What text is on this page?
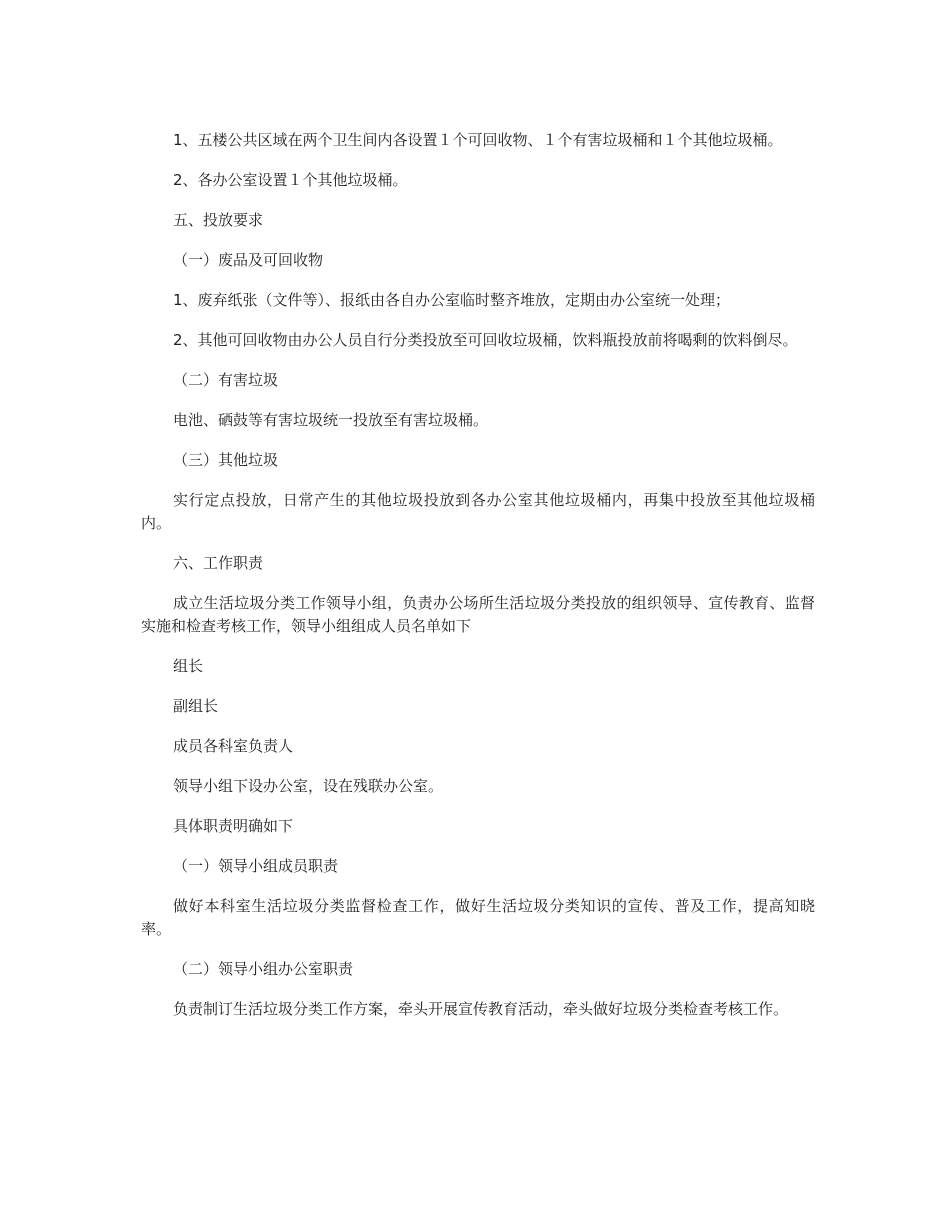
1、五楼公共区域在两个卫生间内各设置１个可回收物、１个有害垃圾桶和１个其他垃圾桶。

2、各办公室设置１个其他垃圾桶。

五、投放要求

（一）废品及可回收物

1、废弃纸张（文件等）、报纸由各自办公室临时整齐堆放，定期由办公室统一处理；

2、其他可回收物由办公人员自行分类投放至可回收垃圾桶，饮料瓶投放前将喝剩的饮料倒尽。

（二）有害垃圾

电池、硒鼓等有害垃圾统一投放至有害垃圾桶。

（三）其他垃圾

实行定点投放，日常产生的其他垃圾投放到各办公室其他垃圾桶内，再集中投放至其他垃圾桶内。

六、工作职责

成立生活垃圾分类工作领导小组，负责办公场所生活垃圾分类投放的组织领导、宣传教育、监督实施和检查考核工作，领导小组组成人员名单如下

组长

副组长

成员各科室负责人

领导小组下设办公室，设在残联办公室。

具体职责明确如下

（一）领导小组成员职责

做好本科室生活垃圾分类监督检查工作，做好生活垃圾分类知识的宣传、普及工作，提高知晓率。

（二）领导小组办公室职责

负责制订生活垃圾分类工作方案，牵头开展宣传教育活动，牵头做好垃圾分类检查考核工作。
